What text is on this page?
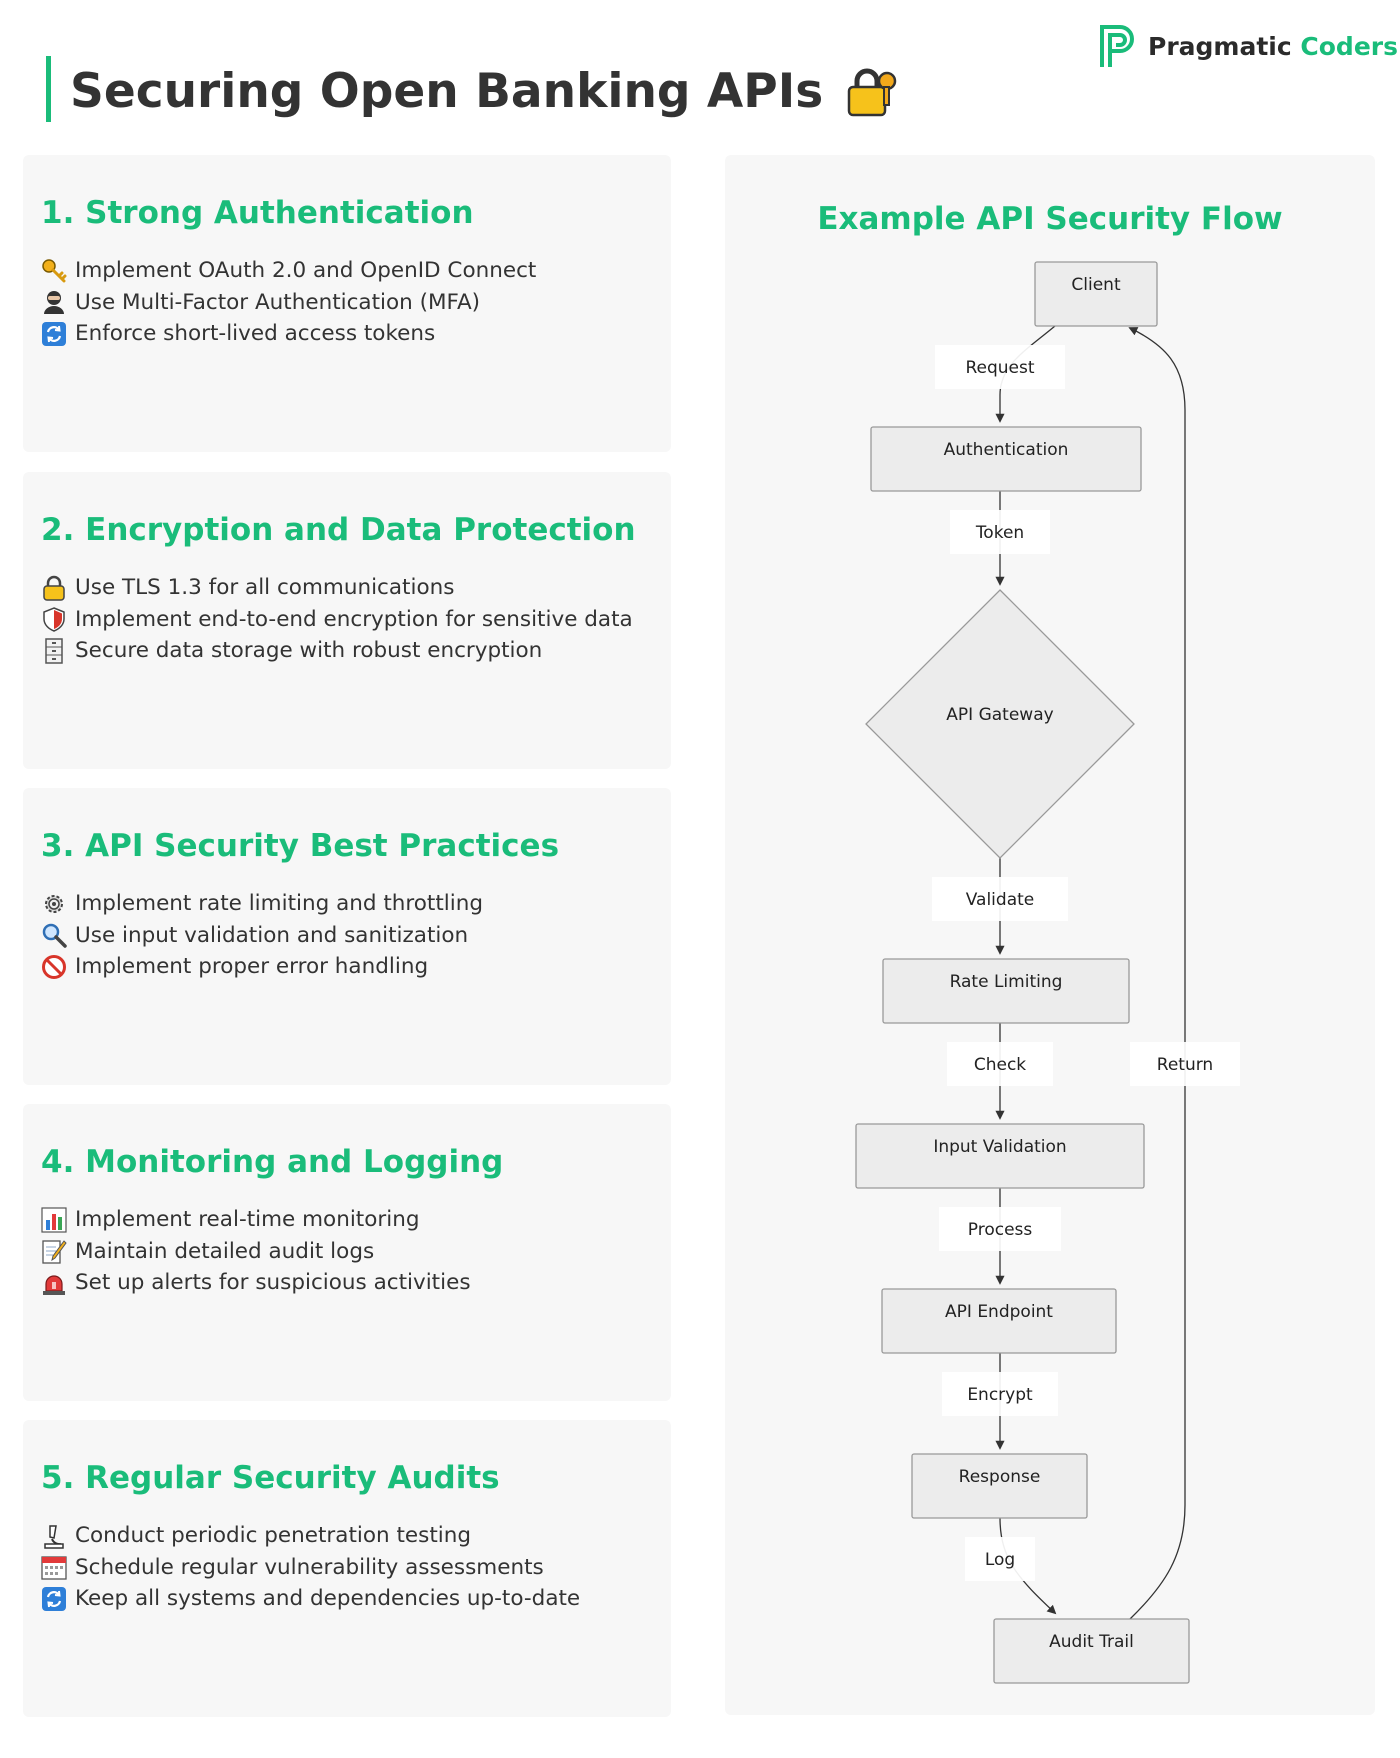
Securing Open Banking APIs
Pragmatic Coders
1. Strong Authentication
Implement OAuth 2.0 and OpenID Connect
Use Multi-Factor Authentication (MFA)
Enforce short-lived access tokens
2. Encryption and Data Protection
Use TLS 1.3 for all communications
Implement end-to-end encryption for sensitive data
Secure data storage with robust encryption
3. API Security Best Practices
Implement rate limiting and throttling
Use input validation and sanitization
Implement proper error handling
4. Monitoring and Logging
Implement real-time monitoring
Maintain detailed audit logs
Set up alerts for suspicious activities
5. Regular Security Audits
Conduct periodic penetration testing
Schedule regular vulnerability assessments
Keep all systems and dependencies up-to-date
Example API Security Flow
Request
Token
Validate
Check
Process
Encrypt
Log
Return
Client
Authentication
API Gateway
Rate Limiting
Input Validation
API Endpoint
Response
Audit Trail
